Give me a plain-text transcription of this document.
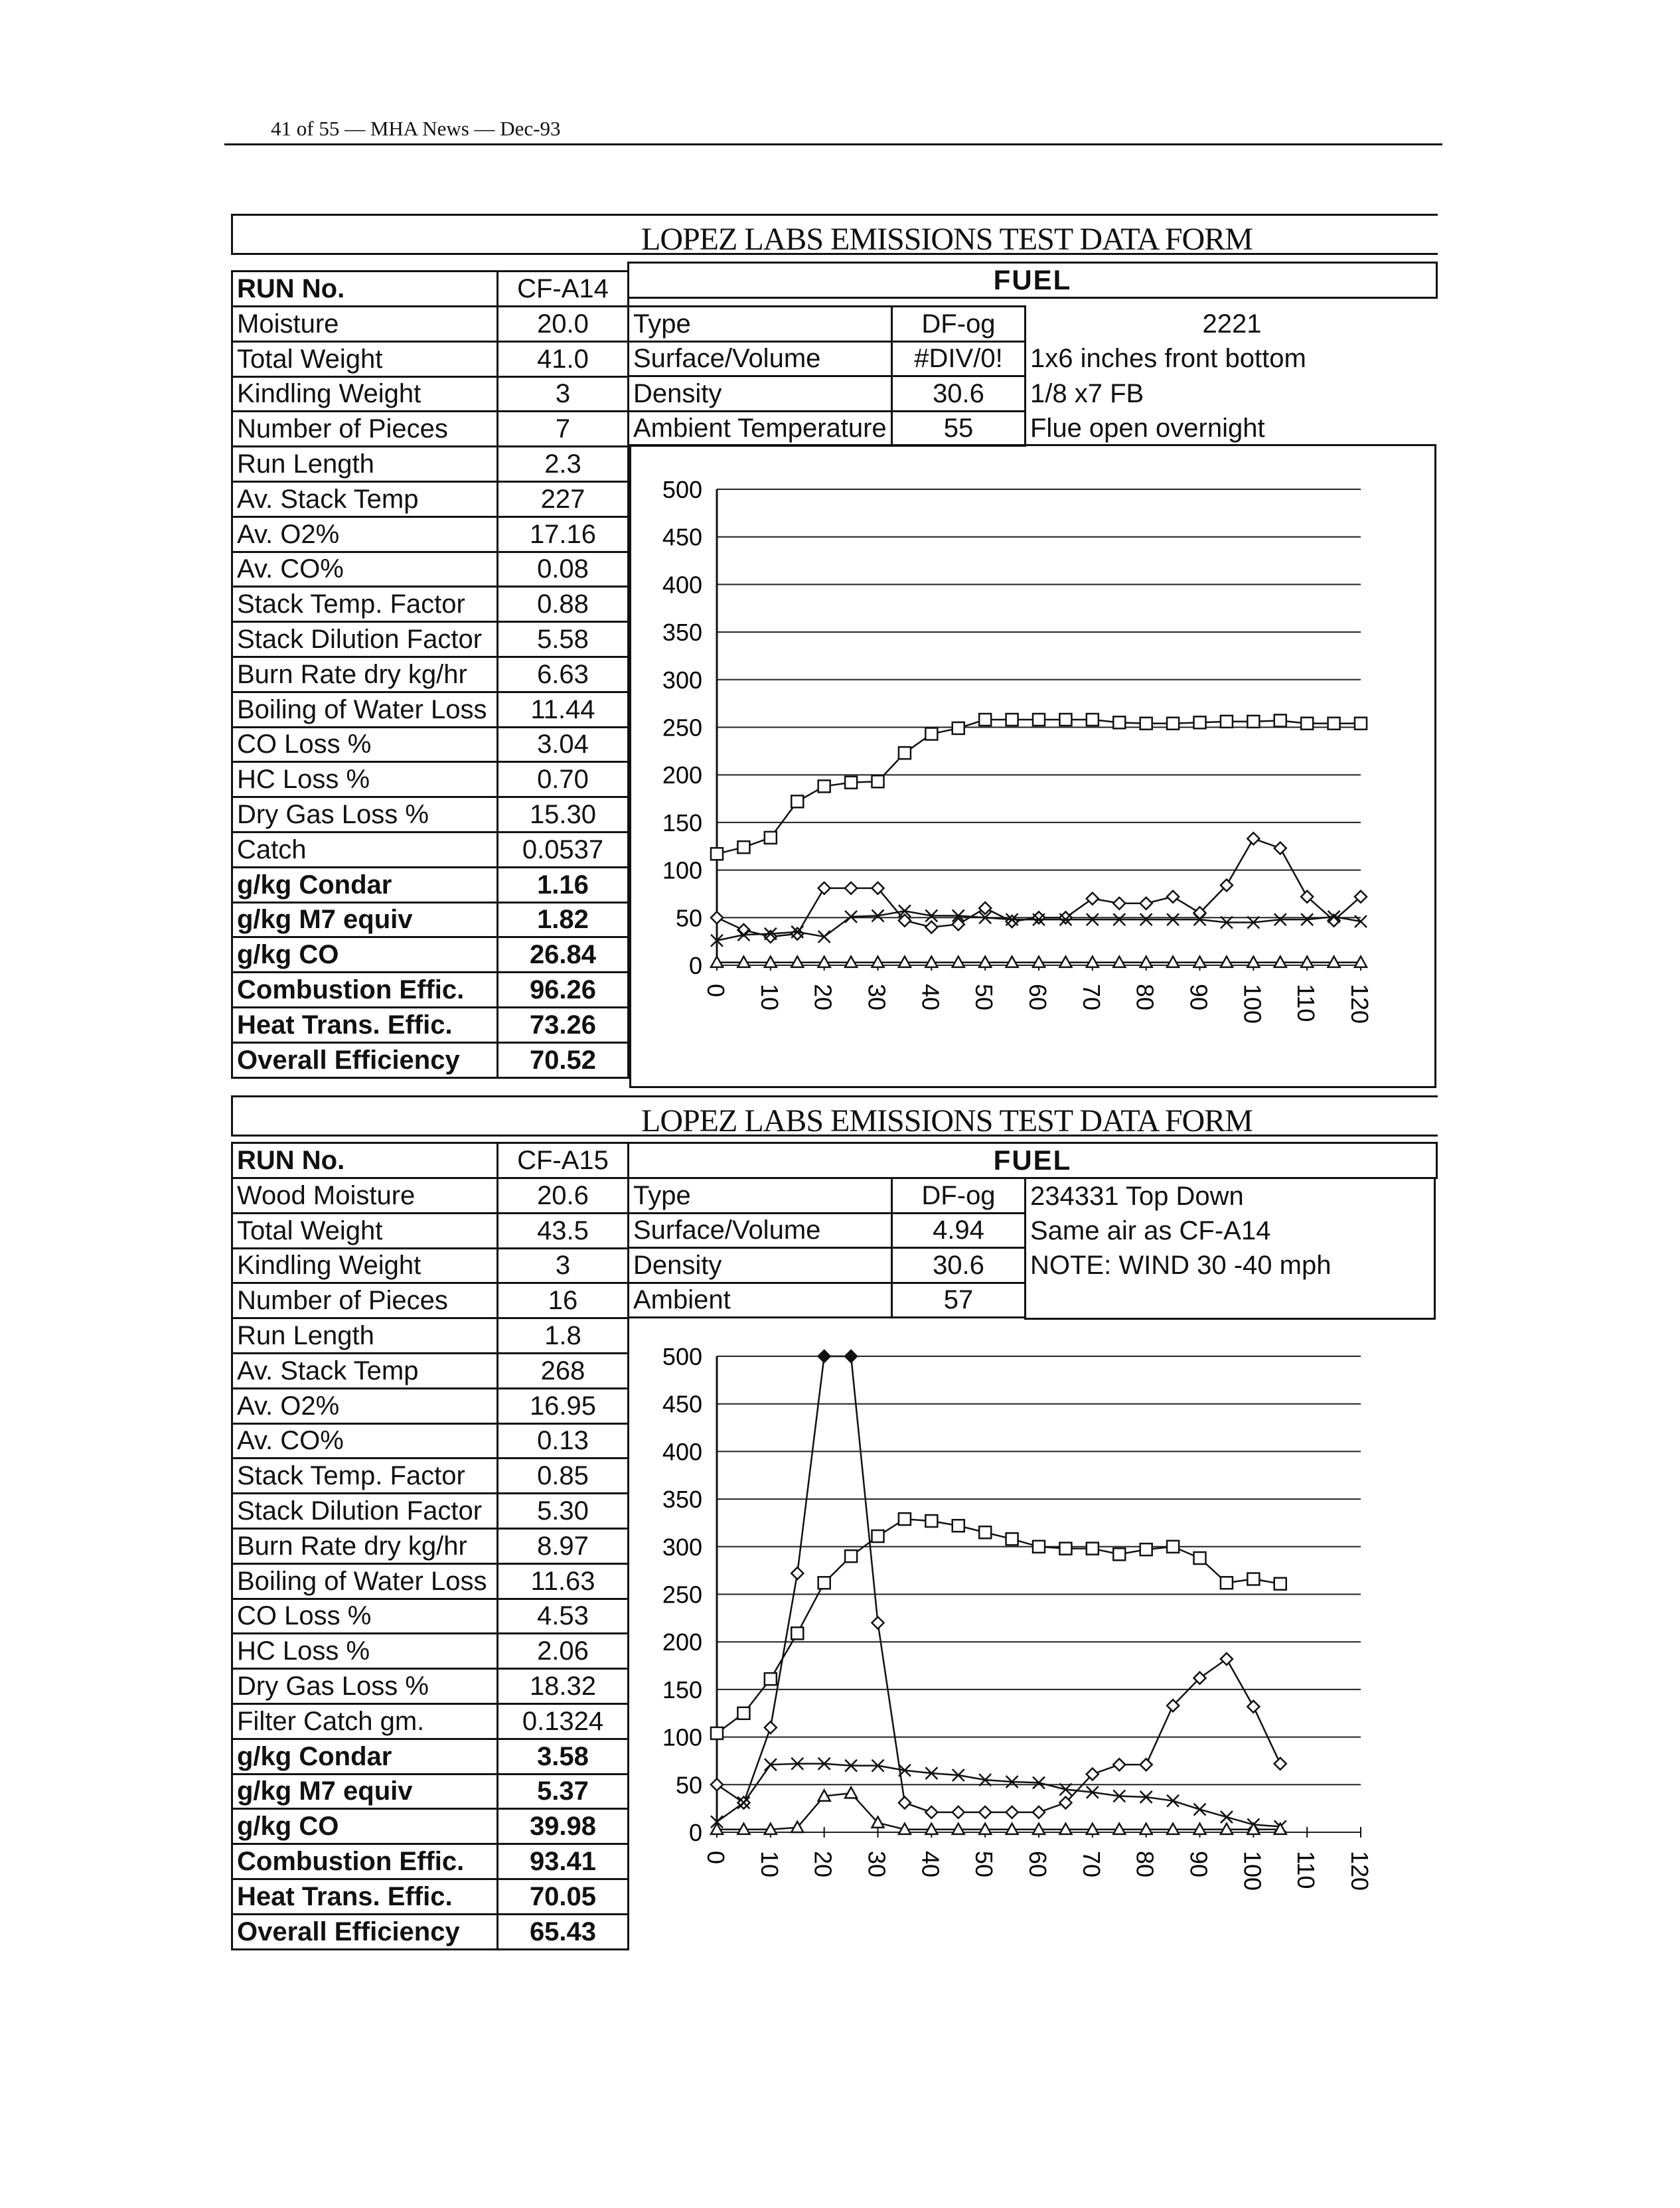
41 of 55 — MHA News — Dec-93
LOPEZ LABS EMISSIONS TEST DATA FORM
RUN No.	CF-A14	FUEL
Moisture	20.0
Total Weight	41.0
Kindling Weight	3
Number of Pieces	7
Run Length	2.3
Av. Stack Temp	227
Av. O2%	17.16
Av. CO%	0.08
Stack Temp. Factor	0.88
Stack Dilution Factor	5.58
Burn Rate dry kg/hr	6.63
Boiling of Water Loss	11.44
CO Loss %	3.04
HC Loss %	0.70
Dry Gas Loss %	15.30
Catch	0.0537
g/kg Condar	1.16
g/kg M7 equiv	1.82
g/kg CO	26.84
Combustion Effic.	96.26
Heat Trans. Effic.	73.26
Overall Efficiency	70.52
Type	DF-og	2221
Surface/Volume	#DIV/0!	1x6 inches front bottom
Density	30.6	1/8 x7 FB
Ambient Temperature	55	Flue open overnight
0
50
100
150
200
250
300
350
400
450
500
0 10 20 30 40 50 60 70 80 90 100 110 120
LOPEZ LABS EMISSIONS TEST DATA FORM
RUN No.	CF-A15	FUEL
Wood Moisture	20.6
Total Weight	43.5
Kindling Weight	3
Number of Pieces	16
Run Length	1.8
Av. Stack Temp	268
Av. O2%	16.95
Av. CO%	0.13
Stack Temp. Factor	0.85
Stack Dilution Factor	5.30
Burn Rate dry kg/hr	8.97
Boiling of Water Loss	11.63
CO Loss %	4.53
HC Loss %	2.06
Dry Gas Loss %	18.32
Filter Catch gm.	0.1324
g/kg Condar	3.58
g/kg M7 equiv	5.37
g/kg CO	39.98
Combustion Effic.	93.41
Heat Trans. Effic.	70.05
Overall Efficiency	65.43
Type	DF-og
Surface/Volume	4.94
Density	30.6
Ambient	57
234331 Top Down
Same air as CF-A14
NOTE: WIND 30 -40 mph
0
50
100
150
200
250
300
350
400
450
500
0 10 20 30 40 50 60 70 80 90 100 110 120
